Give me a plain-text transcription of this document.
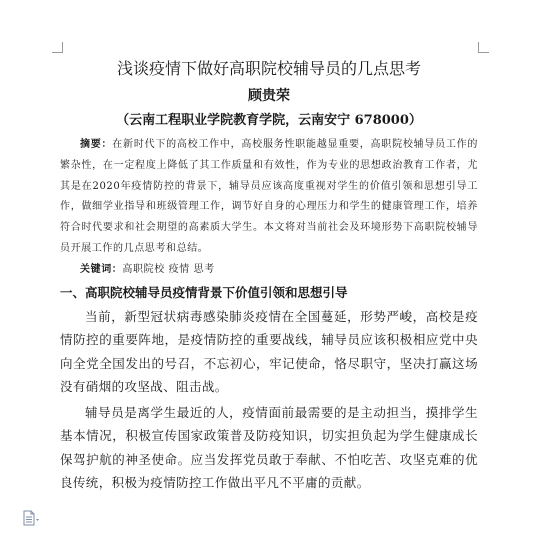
浅谈疫情下做好高职院校辅导员的几点思考

顾贵荣

（云南工程职业学院教育学院，云南安宁 678000）

摘要：在新时代下的高校工作中，高校服务性职能越显重要，高职院校辅导员工作的繁杂性，在一定程度上降低了其工作质量和有效性，作为专业的思想政治教育工作者，尤其是在2020年疫情防控的背景下，辅导员应该高度重视对学生的价值引领和思想引导工作，做细学业指导和班级管理工作，调节好自身的心理压力和学生的健康管理工作，培养符合时代要求和社会期望的高素质大学生。本文将对当前社会及环境形势下高职院校辅导员开展工作的几点思考和总结。

关键词：高职院校 疫情 思考

一、高职院校辅导员疫情背景下价值引领和思想引导

当前，新型冠状病毒感染肺炎疫情在全国蔓延，形势严峻，高校是疫情防控的重要阵地，是疫情防控的重要战线，辅导员应该积极相应党中央向全党全国发出的号召，不忘初心，牢记使命，恪尽职守，坚决打赢这场没有硝烟的攻坚战、阻击战。

辅导员是离学生最近的人，疫情面前最需要的是主动担当，摸排学生基本情况，积极宣传国家政策普及防疫知识，切实担负起为学生健康成长保驾护航的神圣使命。应当发挥党员敢于奉献、不怕吃苦、攻坚克难的优良传统，积极为疫情防控工作做出平凡不平庸的贡献。
